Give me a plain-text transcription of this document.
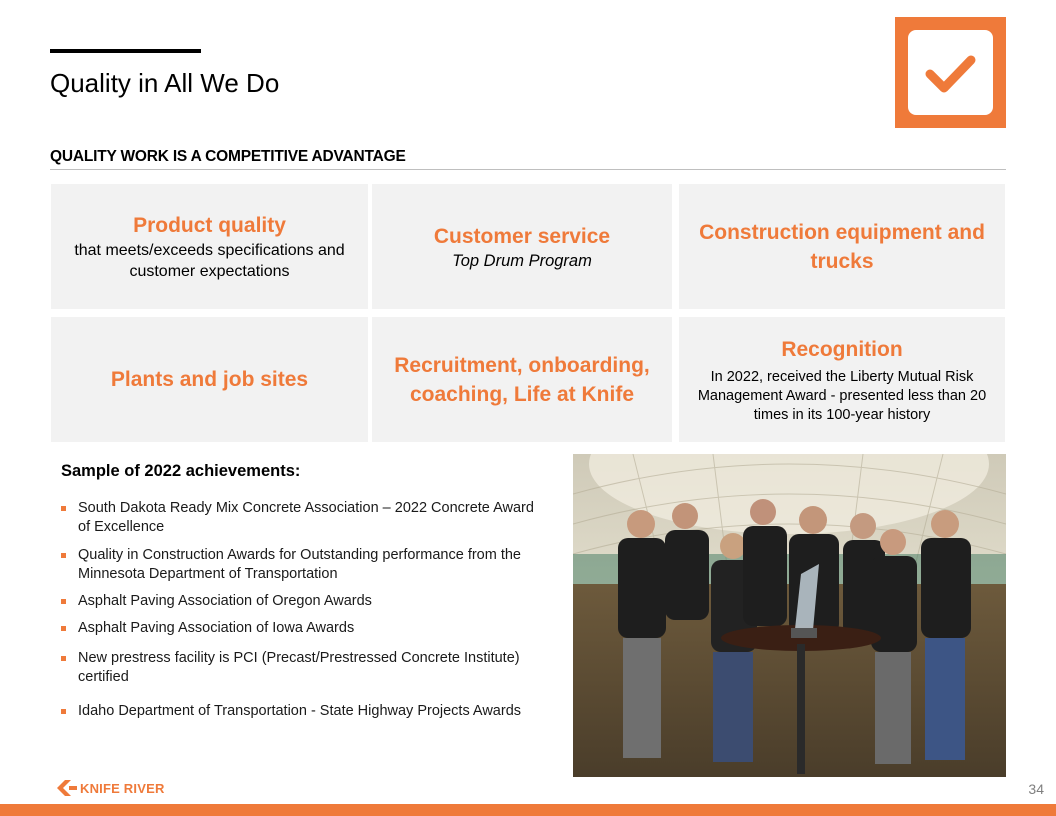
Quality in All We Do
QUALITY WORK IS A COMPETITIVE ADVANTAGE
Product quality
that meets/exceeds specifications and customer expectations
Customer service
Top Drum Program
Construction equipment and trucks
Plants and job sites
Recruitment, onboarding, coaching, Life at Knife
Recognition
In 2022, received the Liberty Mutual Risk Management Award - presented less than 20 times in its 100-year history
Sample of 2022 achievements:
South Dakota Ready Mix Concrete Association – 2022 Concrete Award of Excellence
Quality in Construction Awards for Outstanding performance from the Minnesota Department of Transportation
Asphalt Paving Association of Oregon Awards
Asphalt Paving Association of Iowa Awards
New prestress facility is PCI (Precast/Prestressed Concrete Institute) certified
Idaho Department of Transportation - State Highway Projects Awards
KNIFE RIVER	34
